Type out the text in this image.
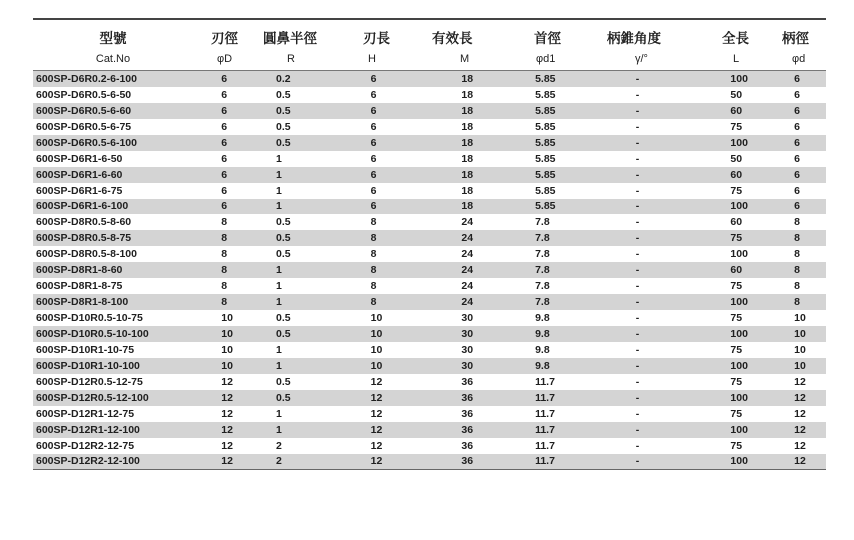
型號	刃徑	圓鼻半徑	刃長	有效長	首徑	柄錐角度	全長	柄徑
Cat.No	φD	R	H	M	φd1	γ/°	L	φd
600SP-D6R0.2-6-100	6	0.2	6	18	5.85	-	100	6
600SP-D6R0.5-6-50	6	0.5	6	18	5.85	-	50	6
600SP-D6R0.5-6-60	6	0.5	6	18	5.85	-	60	6
600SP-D6R0.5-6-75	6	0.5	6	18	5.85	-	75	6
600SP-D6R0.5-6-100	6	0.5	6	18	5.85	-	100	6
600SP-D6R1-6-50	6	1	6	18	5.85	-	50	6
600SP-D6R1-6-60	6	1	6	18	5.85	-	60	6
600SP-D6R1-6-75	6	1	6	18	5.85	-	75	6
600SP-D6R1-6-100	6	1	6	18	5.85	-	100	6
600SP-D8R0.5-8-60	8	0.5	8	24	7.8	-	60	8
600SP-D8R0.5-8-75	8	0.5	8	24	7.8	-	75	8
600SP-D8R0.5-8-100	8	0.5	8	24	7.8	-	100	8
600SP-D8R1-8-60	8	1	8	24	7.8	-	60	8
600SP-D8R1-8-75	8	1	8	24	7.8	-	75	8
600SP-D8R1-8-100	8	1	8	24	7.8	-	100	8
600SP-D10R0.5-10-75	10	0.5	10	30	9.8	-	75	10
600SP-D10R0.5-10-100	10	0.5	10	30	9.8	-	100	10
600SP-D10R1-10-75	10	1	10	30	9.8	-	75	10
600SP-D10R1-10-100	10	1	10	30	9.8	-	100	10
600SP-D12R0.5-12-75	12	0.5	12	36	11.7	-	75	12
600SP-D12R0.5-12-100	12	0.5	12	36	11.7	-	100	12
600SP-D12R1-12-75	12	1	12	36	11.7	-	75	12
600SP-D12R1-12-100	12	1	12	36	11.7	-	100	12
600SP-D12R2-12-75	12	2	12	36	11.7	-	75	12
600SP-D12R2-12-100	12	2	12	36	11.7	-	100	12
